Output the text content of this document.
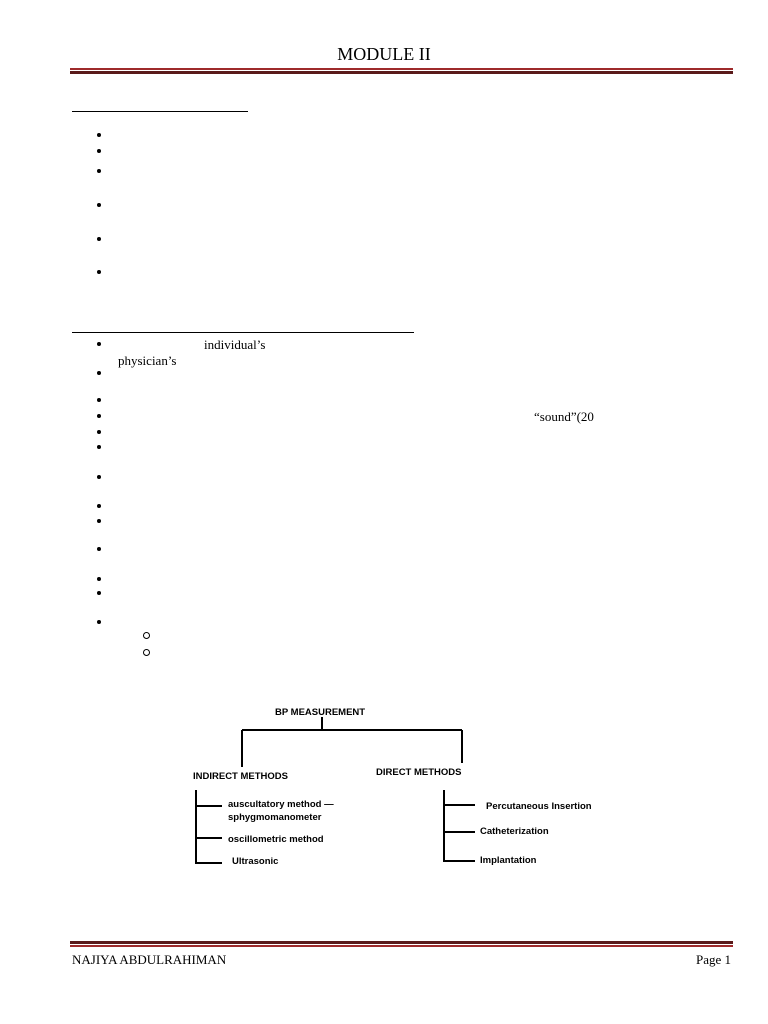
MODULE II
individual’s
physician’s
“sound”(20
BP MEASUREMENT
INDIRECT METHODS	DIRECT METHODS
auscultatory method —
sphygmomanometer
oscillometric method
Ultrasonic
Percutaneous Insertion
Catheterization
Implantation
NAJIYA ABDULRAHIMAN	Page 1
